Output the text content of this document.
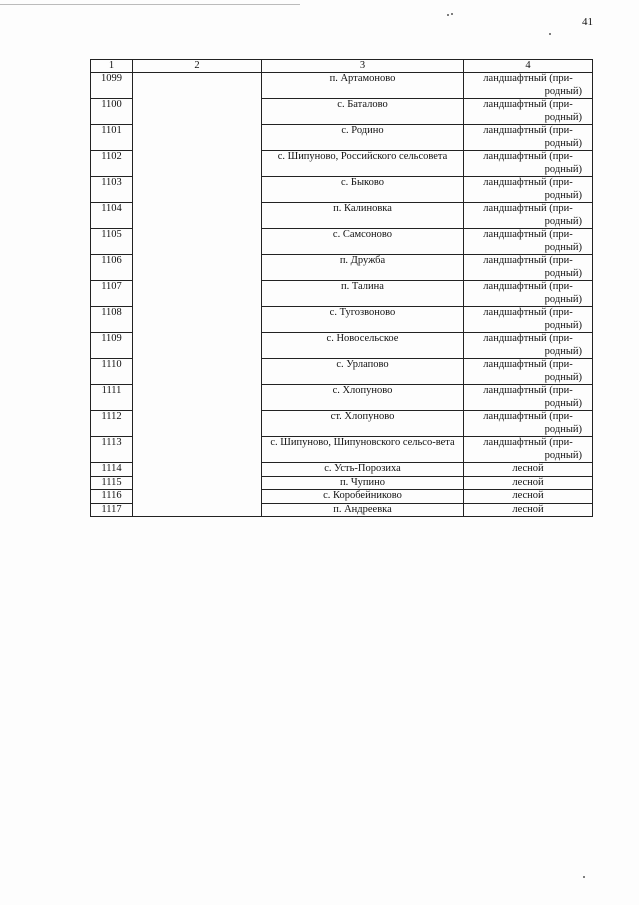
41
1	2	3	4
1099		п. Артамоново	ландшафтный (при-
родный)

1100		с. Баталово	ландшафтный (при-
родный)

1101		с. Родино	ландшафтный (при-
родный)

1102		с. Шипуново, Российского сельсовета	ландшафтный (при-
родный)

1103		с. Быково	ландшафтный (при-
родный)

1104		п. Калиновка	ландшафтный (при-
родный)

1105		с. Самсоново	ландшафтный (при-
родный)

1106		п. Дружба	ландшафтный (при-
родный)

1107		п. Талина	ландшафтный (при-
родный)

1108		с. Тугозвоново	ландшафтный (при-
родный)

1109		с. Новосельское	ландшафтный (при-
родный)

1110		с. Урлапово	ландшафтный (при-
родный)

1111		с. Хлопуново	ландшафтный (при-
родный)

1112		ст. Хлопуново	ландшафтный (при-
родный)

1113		с. Шипуново, Шипуновского сельсо-вета	ландшафтный (при-
родный)

1114		с. Усть-Порозиха	лесной

1115		п. Чупино	лесной

1116		с. Коробейниково	лесной

1117		п. Андреевка	лесной
